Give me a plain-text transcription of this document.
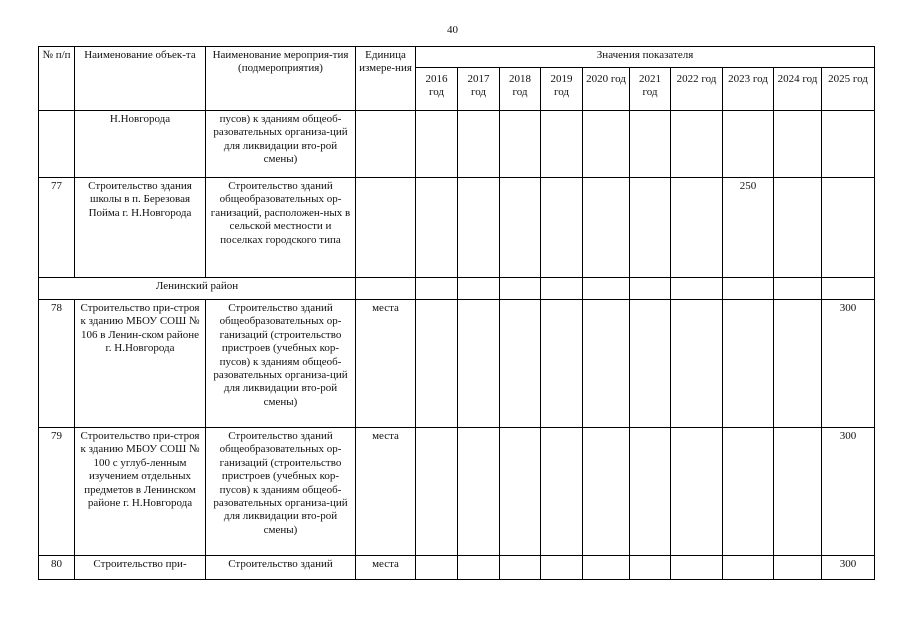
40
№ п/п	Наименование объек-та	Наименование мероприя-тия (подмероприятия)	Единица измере-ния	Значения показателя									
				2016 год	2017 год	2018 год	2019 год	2020 год	2021 год	2022 год	2023 год	2024 год	2025 год
	Н.Новгорода	пусов) к зданиям общеоб-разовательных организа-ций для ликвидации вто-рой смены)											
77	Строительство здания школы в п. Березовая Пойма г. Н.Новгорода	Строительство зданий общеобразовательных ор-ганизаций, расположен-ных в сельской местности и поселках городского типа									250		
Ленинский район													
78	Строительство при-строя к зданию МБОУ СОШ № 106 в Ленин-ском районе г. Н.Новгорода	Строительство зданий общеобразовательных ор-ганизаций (строительство пристроев (учебных кор-пусов) к зданиям общеоб-разовательных организа-ций для ликвидации вто-рой смены)	места										300
79	Строительство при-строя к зданию МБОУ СОШ № 100 с углуб-ленным изучением отдельных предметов в Ленинском районе г. Н.Новгорода	Строительство зданий общеобразовательных ор-ганизаций (строительство пристроев (учебных кор-пусов) к зданиям общеоб-разовательных организа-ций для ликвидации вто-рой смены)	места										300
80	Строительство при-	Строительство зданий	места										300
